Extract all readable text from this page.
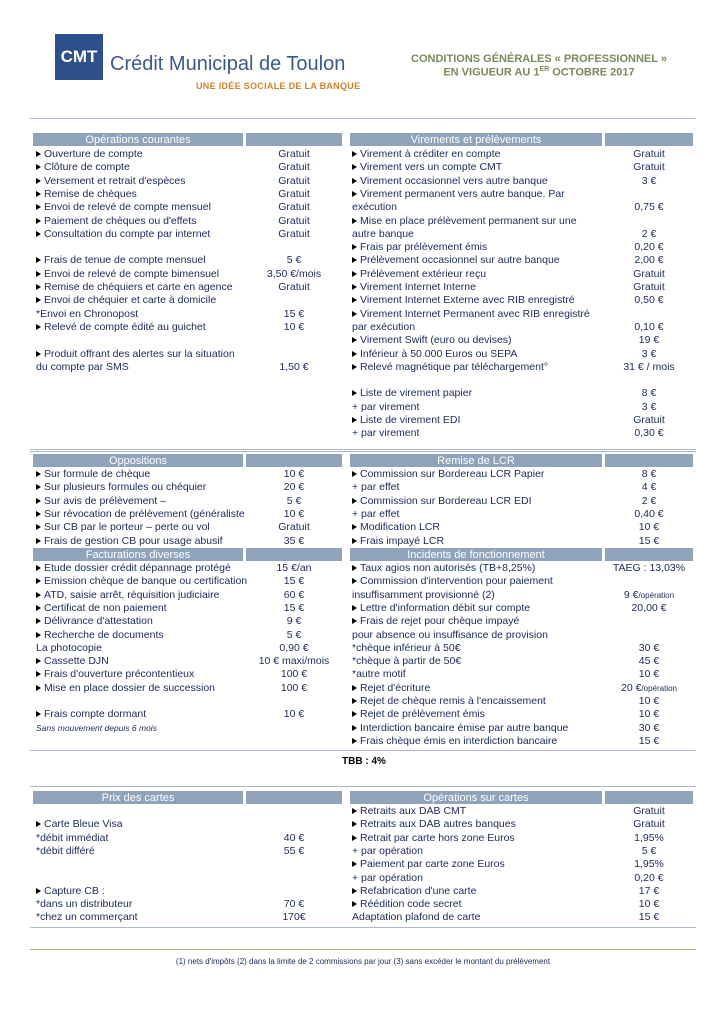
CMT Crédit Municipal de Toulon
UNE IDÉE SOCIALE DE LA BANQUE
CONDITIONS GÉNÉRALES « PROFESSIONNEL »
EN VIGUEUR AU 1ER OCTOBRE 2017
Opérations courantes	Virements et prélèvements
Oppositions	Remise de LCR
Facturations diverses	Incidents de fonctionnement
Prix des cartes	Opérations sur cartes
Ouverture de compte	Gratuit
Clôture de compte	Gratuit
Versement et retrait d'espèces	Gratuit
Remise de chèques	Gratuit
Envoi de relevé de compte mensuel	Gratuit
Paiement de chèques ou d'effets	Gratuit
Consultation du compte par internet	Gratuit
Frais de tenue de compte mensuel	5 €
Envoi de relevé de compte bimensuel	3,50 €/mois
Remise de chéquiers et carte en agence	Gratuit
Envoi de chéquier et carte à domicile
*Envoi en Chronopost	15 €
Relevé de compte édité au guichet	10 €
Produit offrant des alertes sur la situation
du compte par SMS	1,50 €
Virement à créditer en compte	Gratuit
Virement vers un compte CMT	Gratuit
Virement occasionnel vers autre banque	3 €
Virement permanent vers autre banque. Par
exécution	0,75 €
Mise en place prélèvement permanent sur une
autre banque	2 €
Frais par prélèvement émis	0,20 €
Prélèvement occasionnel sur autre banque	2,00 €
Prélèvement extérieur reçu	Gratuit
Virement Internet Interne	Gratuit
Virement Internet Externe avec RIB enregistré	0,50 €
Virement Internet Permanent avec RIB enregistré
par exécution	0,10 €
Virement Swift (euro ou devises)	19 €
Inférieur à 50 000 Euros ou SEPA	3 €
Relevé magnétique par téléchargement°	31 € / mois
Liste de virement papier	8 €
+ par virement	3 €
Liste de virement EDI	Gratuit
+ par virement	0,30 €
Sur formule de chèque	10 €
Sur plusieurs formules ou chéquier	20 €
Sur avis de prélèvement –	5 €
Sur révocation de prélèvement (généraliste	10 €
Sur CB par le porteur – perte ou vol	Gratuit
Frais de gestion CB pour usage abusif	35 €
Commission sur Bordereau LCR Papier	8 €
+ par effet	4 €
Commission sur Bordereau LCR EDI	2 €
+ par effet	0,40 €
Modification LCR	10 €
Frais impayé LCR	15 €
Etude dossier crédit dépannage protégé	15 €/an
Emission chèque de banque ou certification	15 €
ATD, saisie arrêt, réquisition judiciaire	60 €
Certificat de non paiement	15 €
Délivrance d'attestation	9 €
Recherche de documents	5 €
La photocopie	0,90 €
Cassette DJN	10 € maxi/mois
Frais d'ouverture précontentieux	100 €
Mise en place dossier de succession	100 €
Frais compte dormant	10 €
Taux agios non autorisés (TB+8,25%)	TAEG : 13,03%
Commission d'intervention pour paiement
insuffisamment provisionné (2)	9 €/opération
Lettre d'information débit sur compte	20,00 €
Frais de rejet pour chèque impayé
pour absence ou insuffisance de provision
*chèque inférieur à 50€	30 €
*chèque à partir de 50€	45 €
*autre motif	10 €
Rejet d'écriture	20 €/opération
Rejet de chèque remis à l'encaissement	10 €
Rejet de prélèvement émis	10 €
Interdiction bancaire émise par autre banque	30 €
Frais chèque émis en interdiction bancaire	15 €
Carte Bleue Visa
*débit immédiat	40 €
*débit différé	55 €
Capture CB :
*dans un distributeur	70 €
*chez un commerçant	170€
Retraits aux DAB CMT	Gratuit
Retraits aux DAB autres banques	Gratuit
Retrait par carte hors zone Euros	1,95%
+ par opération	5 €
Paiement par carte zone Euros	1,95%
+ par opération	0,20 €
Refabrication d'une carte	17 €
Réédition code secret	10 €
Adaptation plafond de carte	15 €
Sans mouvement depuis 6 mois
TBB : 4%
(1) nets d'impôts (2) dans la limite de 2 commissions par jour (3) sans excéder le montant du prélèvement
